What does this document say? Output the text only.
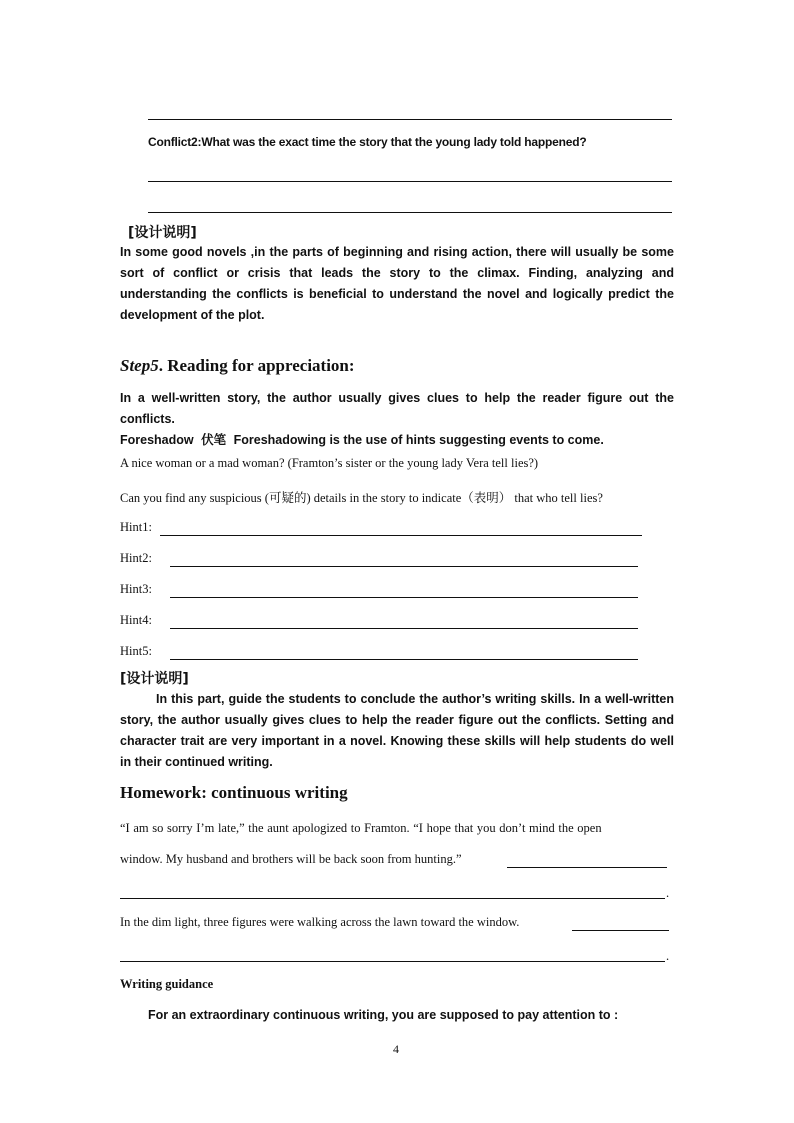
Conflict2:What was the exact time the story that the young lady told happened?
[设计说明]
In some good novels ,in the parts of beginning and rising action, there will usually be some sort of conflict or crisis that leads the story to the climax. Finding, analyzing and understanding the conflicts is beneficial to understand the novel and logically predict the development of the plot.
Step5. Reading for appreciation:
In a well-written story, the author usually gives clues to help the reader figure out the conflicts.
Foreshadow 伏笔 Foreshadowing is the use of hints suggesting events to come.
A nice woman or a mad woman? (Framton’s sister or the young lady Vera tell lies?)
Can you find any suspicious (可疑的) details in the story to indicate（表明） that who tell lies?
Hint1:
Hint2:
Hint3:
Hint4:
Hint5:
[设计说明]
In this part, guide the students to conclude the author’s writing skills. In a well-written story, the author usually gives clues to help the reader figure out the conflicts. Setting and character trait are very important in a novel. Knowing these skills will help students do well in their continued writing.
Homework: continuous writing
“I am so sorry I’m late,” the aunt apologized to Framton. “I hope that you don’t mind the open
window. My husband and brothers will be back soon from hunting.”
.
In the dim light, three figures were walking across the lawn toward the window.
.
Writing guidance
For an extraordinary continuous writing, you are supposed to pay attention to :
4
